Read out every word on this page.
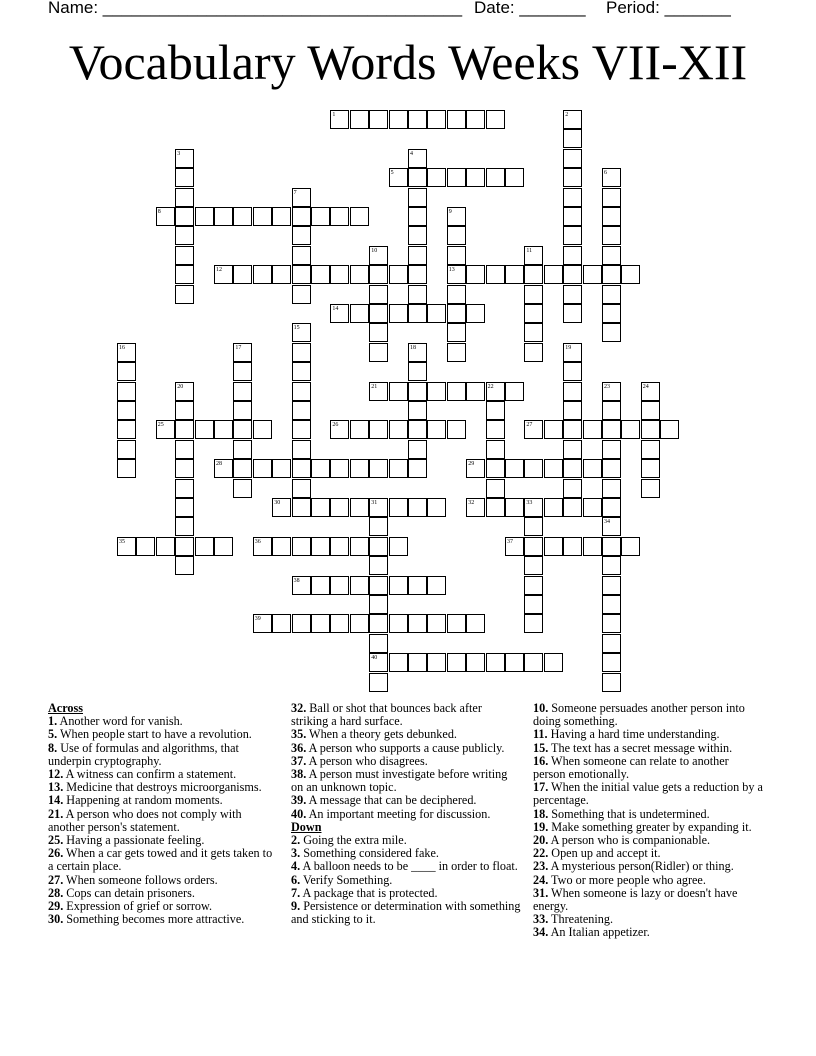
Name: ______________________________________ Date: _______ Period: _______
Vocabulary Words Weeks VII-XII
1	2
3	4
5	6
7
8	9
10	11
12	13
14
15
16	17	18	19
20	21	22	23	24
25	26	27
28	29
30	31	32	33
34
35	36	37
38
39
40
Across

1. Another word for vanish.

5. When people start to have a revolution.

8. Use of formulas and algorithms, that underpin cryptography.

12. A witness can confirm a statement.

13. Medicine that destroys microorganisms.

14. Happening at random moments.

21. A person who does not comply with another person's statement.

25. Having a passionate feeling.

26. When a car gets towed and it gets taken to a certain place.

27. When someone follows orders.

28. Cops can detain prisoners.

29. Expression of grief or sorrow.

30. Something becomes more attractive.

32. Ball or shot that bounces back after striking a hard surface.

35. When a theory gets debunked.

36. A person who supports a cause publicly.

37. A person who disagrees.

38. A person must investigate before writing on an unknown topic.

39. A message that can be deciphered.

40. An important meeting for discussion.

Down

2. Going the extra mile.

3. Something considered fake.

4. A balloon needs to be ____ in order to float.

6. Verify Something.

7. A package that is protected.

9. Persistence or determination with something and sticking to it.

10. Someone persuades another person into doing something.

11. Having a hard time understanding.

15. The text has a secret message within.

16. When someone can relate to another person emotionally.

17. When the initial value gets a reduction by a percentage.

18. Something that is undetermined.

19. Make something greater by expanding it.

20. A person who is companionable.

22. Open up and accept it.

23. A mysterious person(Ridler) or thing.

24. Two or more people who agree.

31. When someone is lazy or doesn't have energy.

33. Threatening.

34. An Italian appetizer.
